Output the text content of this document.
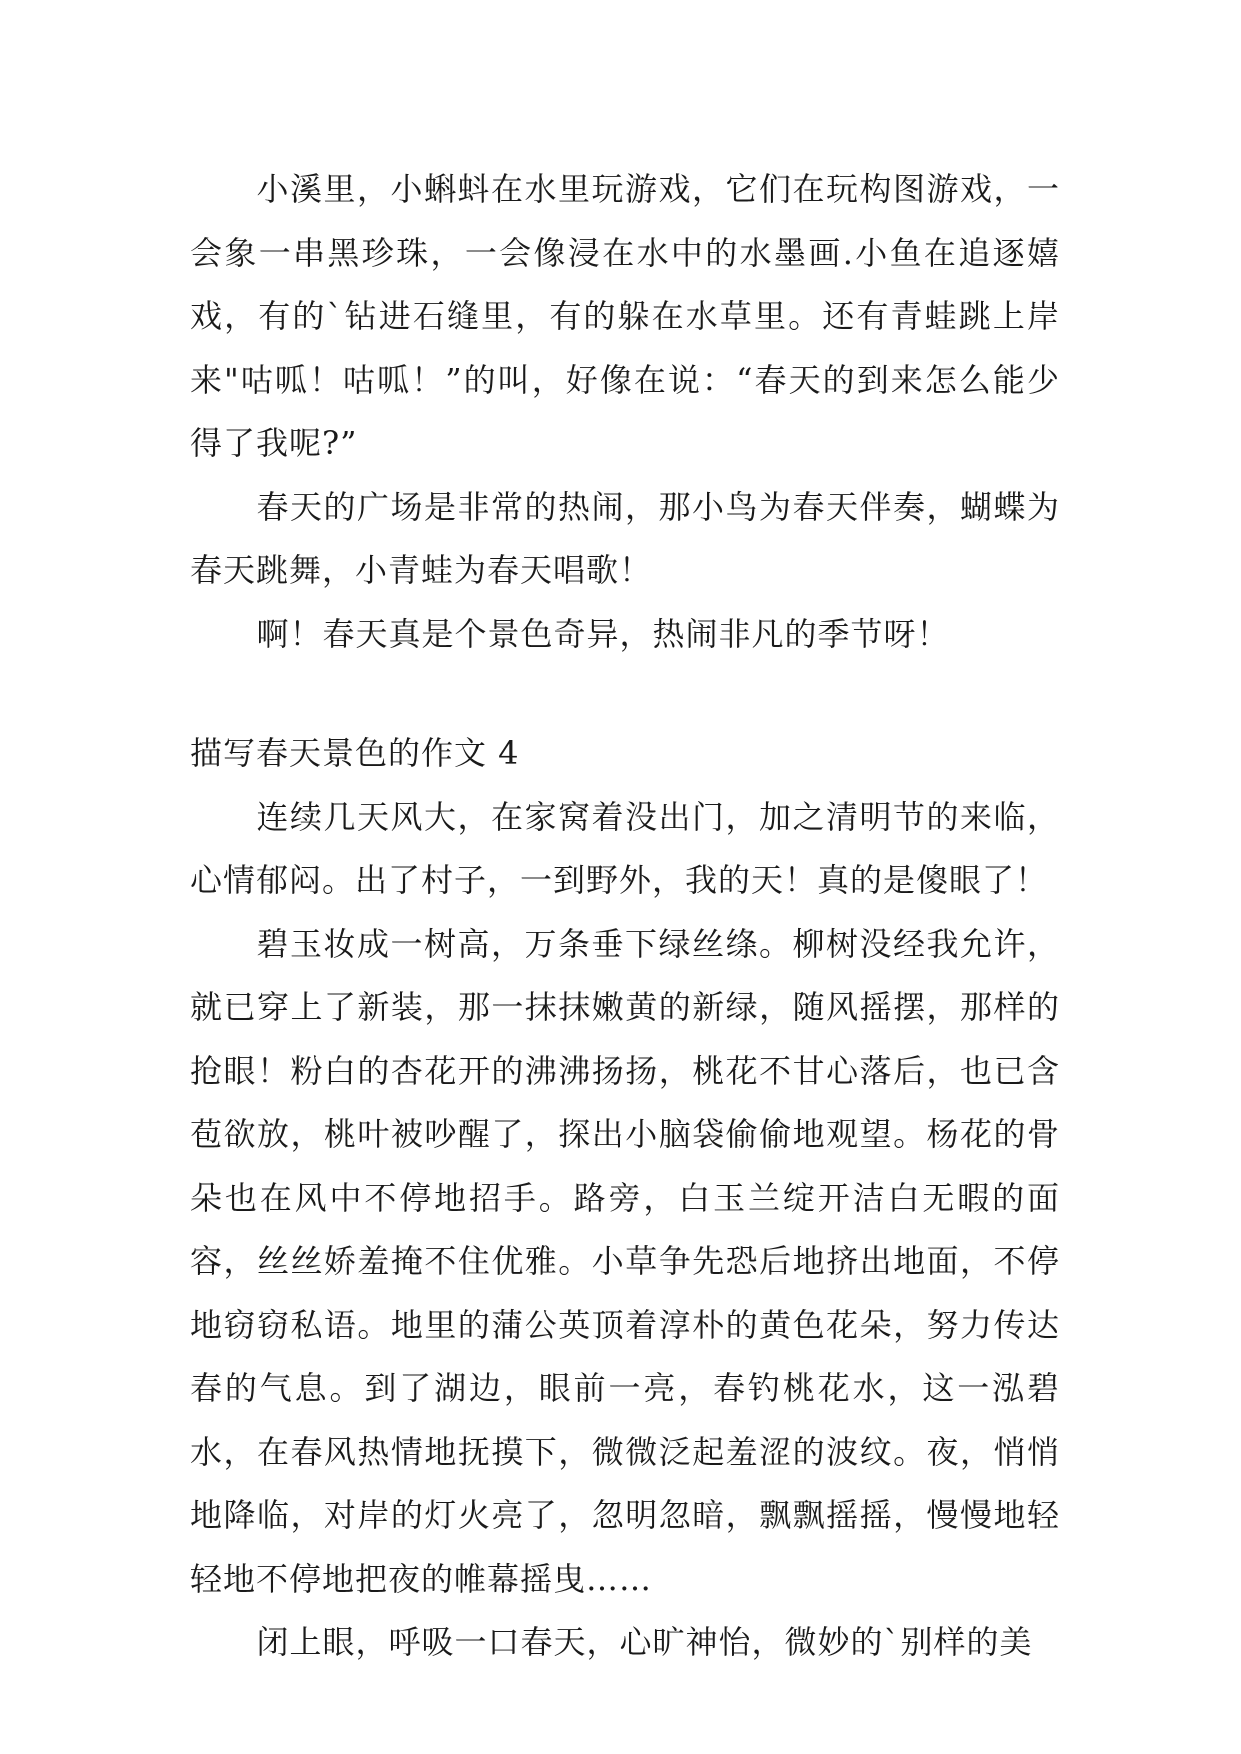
小溪里，小蝌蚪在水里玩游戏，它们在玩构图游戏，一会象一串黑珍珠，一会像浸在水中的水墨画.小鱼在追逐嬉戏，有的`钻进石缝里，有的躲在水草里。还有青蛙跳上岸来"咕呱！咕呱！”的叫，好像在说：“春天的到来怎么能少得了我呢?”

春天的广场是非常的热闹，那小鸟为春天伴奏，蝴蝶为春天跳舞，小青蛙为春天唱歌！

啊！春天真是个景色奇异，热闹非凡的季节呀！

描写春天景色的作文 4

连续几天风大，在家窝着没出门，加之清明节的来临，心情郁闷。出了村子，一到野外，我的天！真的是傻眼了！

碧玉妆成一树高，万条垂下绿丝绦。柳树没经我允许，就已穿上了新装，那一抹抹嫩黄的新绿，随风摇摆，那样的抢眼！粉白的杏花开的沸沸扬扬，桃花不甘心落后，也已含苞欲放，桃叶被吵醒了，探出小脑袋偷偷地观望。杨花的骨朵也在风中不停地招手。路旁，白玉兰绽开洁白无暇的面容，丝丝娇羞掩不住优雅。小草争先恐后地挤出地面，不停地窃窃私语。地里的蒲公英顶着淳朴的黄色花朵，努力传达春的气息。到了湖边，眼前一亮，春钓桃花水，这一泓碧水，在春风热情地抚摸下，微微泛起羞涩的波纹。夜，悄悄地降临，对岸的灯火亮了，忽明忽暗，飘飘摇摇，慢慢地轻轻地不停地把夜的帷幕摇曳……

闭上眼，呼吸一口春天，心旷神怡，微妙的`别样的美
